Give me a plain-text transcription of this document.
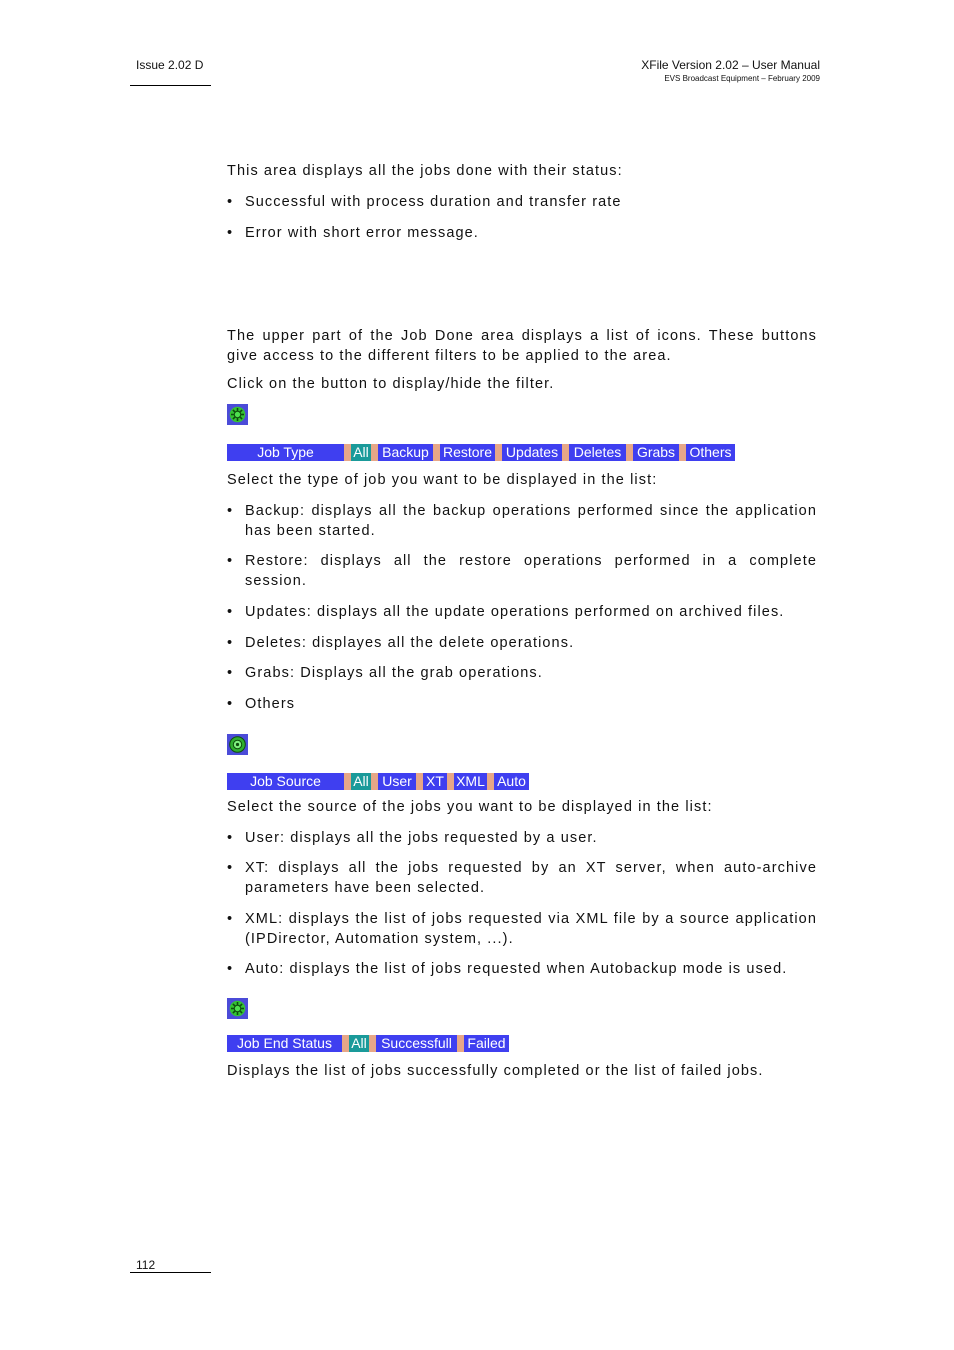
Issue 2.02 D	XFile Version 2.02 – User Manual
EVS Broadcast Equipment – February 2009
This area displays all the jobs done with their status:
• Successful with process duration and transfer rate
• Error with short error message.
The upper part of the Job Done area displays a list of icons. These buttons give access to the different filters to be applied to the area.
Click on the button to display/hide the filter.
Job Type	All Backup Restore Updates	Deletes	Grabs Others
Select the type of job you want to be displayed in the list:
• Backup: displays all the backup operations performed since the application has been started.
• Restore: displays all the restore operations performed in a complete session.
• Updates: displays all the update operations performed on archived files.
• Deletes: displayes all the delete operations.
• Grabs: Displays all the grab operations.
• Others
Job Source	All User	XT XML Auto
Select the source of the jobs you want to be displayed in the list:
• User: displays all the jobs requested by a user.
• XT: displays all the jobs requested by an XT server, when auto-archive parameters have been selected.
• XML: displays the list of jobs requested via XML file by a source application (IPDirector, Automation system, ...).
• Auto: displays the list of jobs requested when Autobackup mode is used.
Job End Status	All	Successfull	Failed
Displays the list of jobs successfully completed or the list of failed jobs.
112
